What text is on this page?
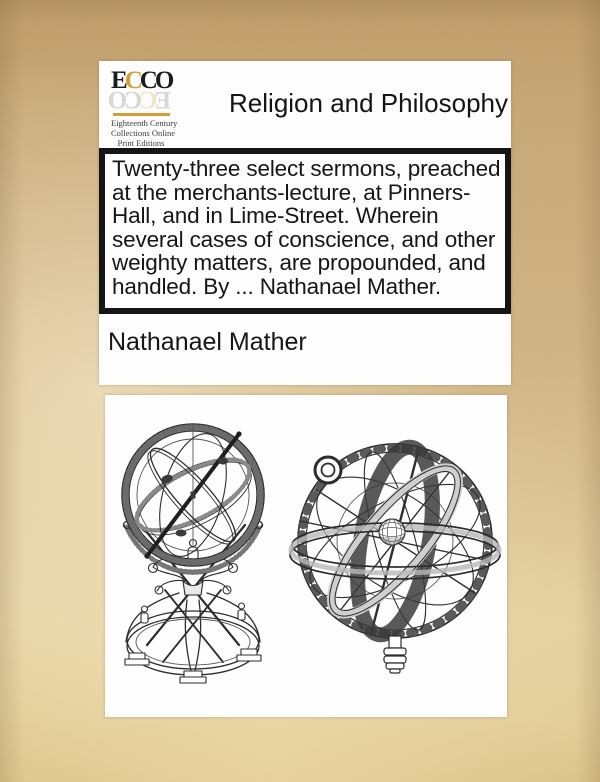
ECCO
ECCO
Eighteenth Century
Collections Online
Print Editions
Religion and Philosophy
Twenty-three select sermons, preached
at the merchants-lecture, at Pinners-
Hall, and in Lime-Street. Wherein
several cases of conscience, and other
weighty matters, are propounded, and
handled. By ... Nathanael Mather.
Nathanael Mather
